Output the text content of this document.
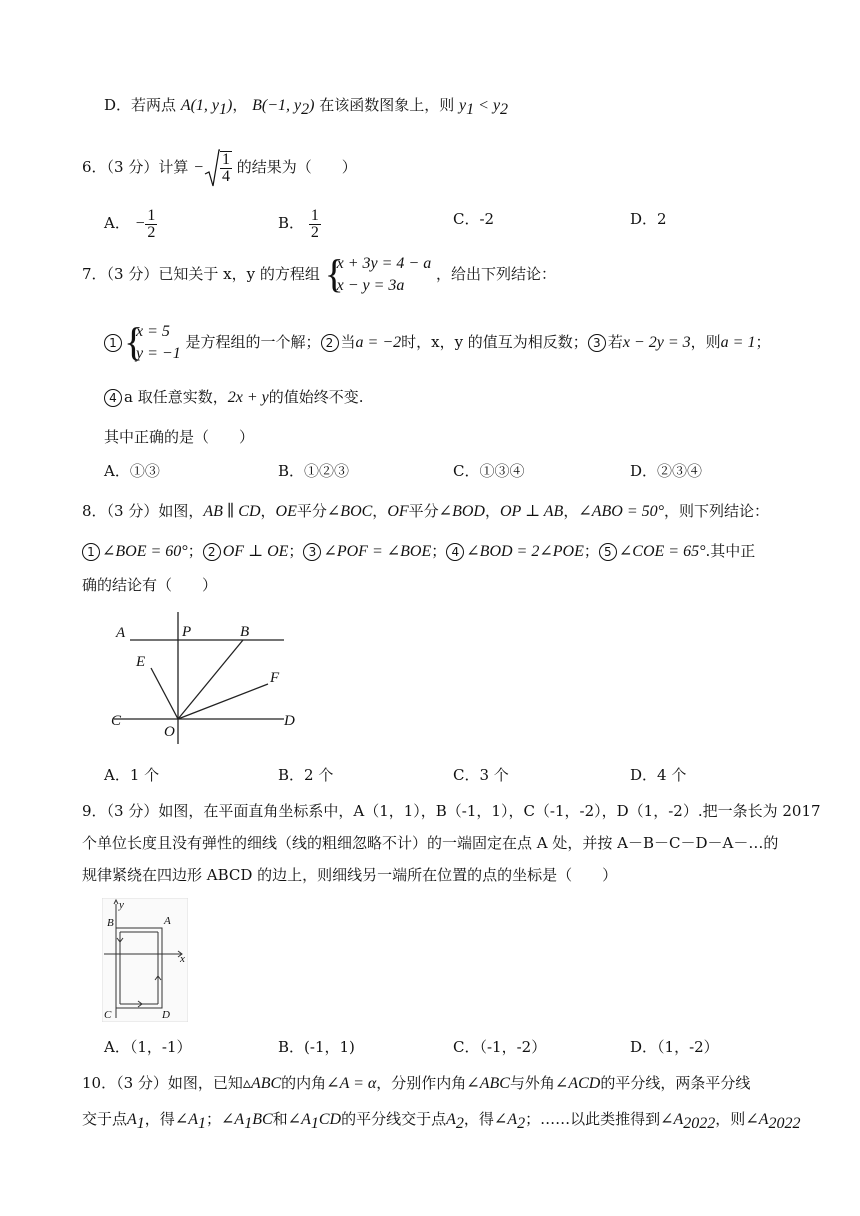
D．若两点 A(1, $y_1$)， B(−1, $y_2$) 在该函数图象上，则 $y_1 < y_2$
6．（3 分）计算 − $\frac{1}{4}$ 的结果为（　　）
A． − $\frac{1}{2}$	B． $\frac{1}{2}$	C．-2	D．2
7．（3 分）已知关于 x，y 的方程组 {
x + 3y = 4 − a
x − y = 3a
，给出下列结论：
1 {
x = 5
y = −1
是方程组的一个解； 2 当a = −2时，x，y 的值互为相反数； 3 若x − 2y = 3，则a = 1；
4 a 取任意实数，2x + y的值始终不变.
其中正确的是（　　）
A．①③	B．①②③	C．①③④	D．②③④
8．（3 分）如图，AB ∥ CD，OE平分∠BOC，OF平分∠BOD，OP ⊥ AB，∠ABO = 50°，则下列结论：
1 ∠BOE = 60°； 2 OF ⊥ OE； 3 ∠POF = ∠BOE； 4 ∠BOD = 2∠POE； 5 ∠COE = 65°.其中正
确的结论有（　　）
A	P	B
E
F
C
O
D
A．1 个	B．2 个	C．3 个	D．4 个
9．（3 分）如图，在平面直角坐标系中，A（1，1），B（-1，1），C（-1，-2），D（1，-2）.把一条长为 2017
个单位长度且没有弹性的细线（线的粗细忽略不计）的一端固定在点 A 处，并按 A－B－C－D－A－…的
规律紧绕在四边形 ABCD 的边上，则细线另一端所在位置的点的坐标是（　　）
y
B	A
x
C	D
A．（1，-1）	B．(-1，1)	C．（-1，-2）	D．（1，-2）
10．（3 分）如图，已知▵ABC的内角∠A = α，分别作内角∠ABC与外角∠ACD的平分线，两条平分线
交于点$A_1$，得$\angle A_1$；$\angle A_1BC$和$\angle A_1CD$的平分线交于点$A_2$，得$\angle A_2$；……以此类推得到$\angle A_{2022}$，则$\angle A_{2022}$
